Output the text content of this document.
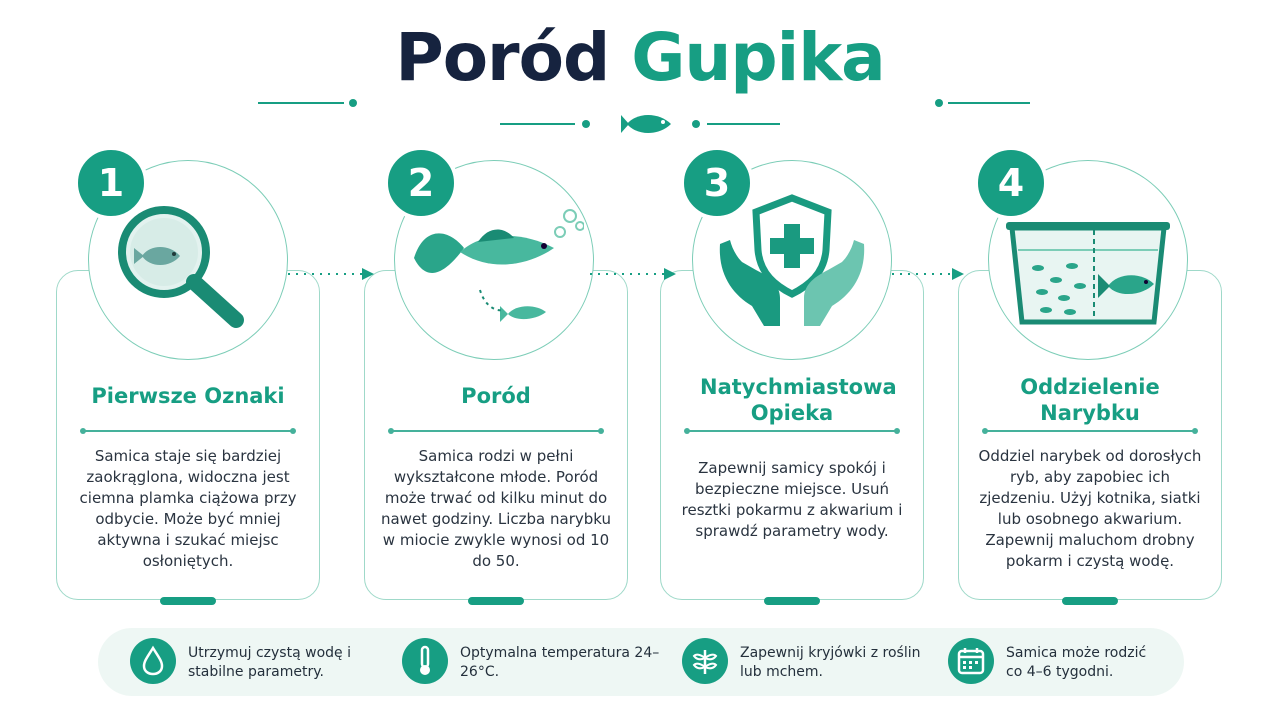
Poród Gupika
1	2	3	4
Pierwsze Oznaki	Poród	Natychmiastowa Opieka
Oddzielenie Narybku
Samica staje się bardziej zaokrąglona, widoczna jest ciemna plamka ciążowa przy odbycie. Może być mniej aktywna i szukać miejsc osłoniętych.
Samica rodzi w pełni wykształcone młode. Poród może trwać od kilku minut do nawet godziny. Liczba narybku w miocie zwykle wynosi od 10 do 50.
Zapewnij samicy spokój i bezpieczne miejsce. Usuń resztki pokarmu z akwarium i sprawdź parametry wody.
Oddziel narybek od dorosłych ryb, aby zapobiec ich zjedzeniu. Użyj kotnika, siatki lub osobnego akwarium. Zapewnij maluchom drobny pokarm i czystą wodę.
Utrzymuj czystą wodę i stabilne parametry.
Optymalna temperatura 24–26°C.
Zapewnij kryjówki z roślin lub mchem.
Samica może rodzić co 4–6 tygodni.
